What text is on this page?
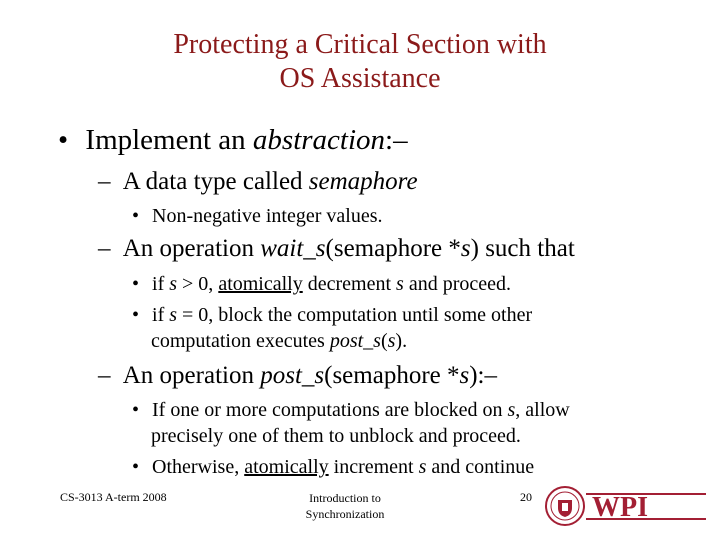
Protecting a Critical Section with
OS Assistance
• Implement an abstraction:–
– A data type called semaphore
• Non-negative integer values.
– An operation wait_s(semaphore *s) such that
• if s > 0, atomically decrement s and proceed.
• if s = 0, block the computation until some other
computation executes post_s(s).
– An operation post_s(semaphore *s):–
• If one or more computations are blocked on s, allow
precisely one of them to unblock and proceed.
• Otherwise, atomically increment s and continue
CS-3013 A-term 2008	Introduction to
Synchronization
20 WPI
